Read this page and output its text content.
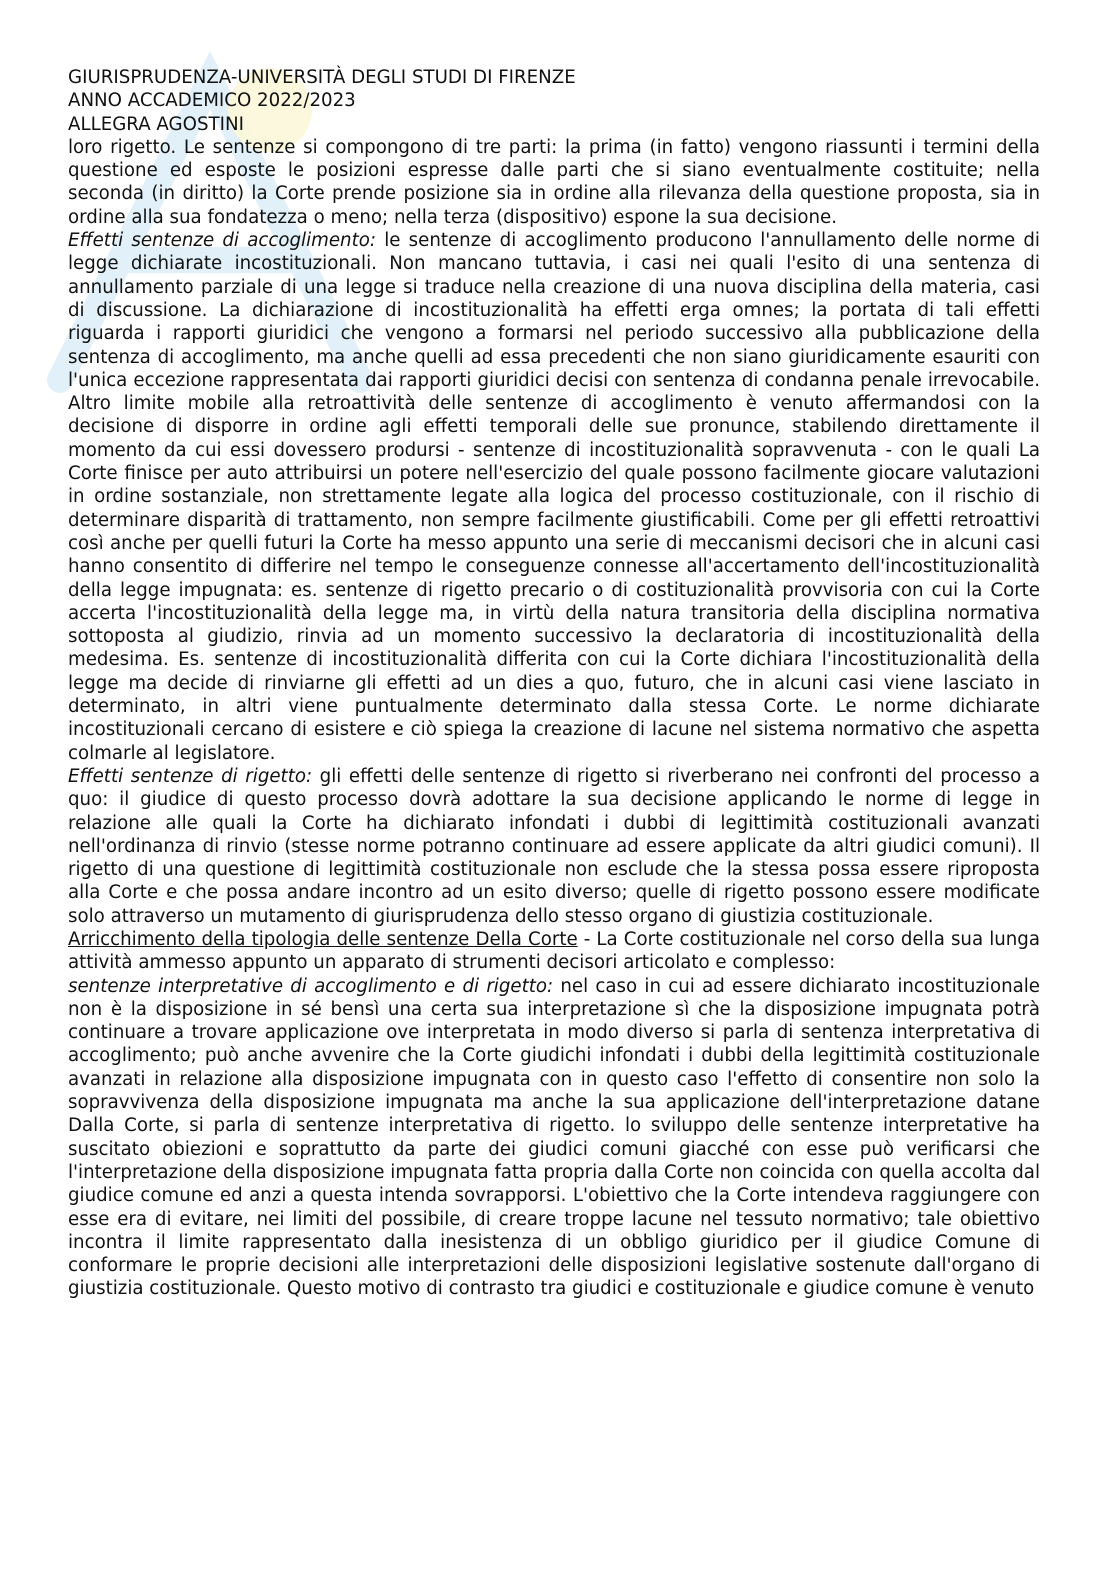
GIURISPRUDENZA-UNIVERSITÀ DEGLI STUDI DI FIRENZE
ANNO ACCADEMICO 2022/2023
ALLEGRA AGOSTINI

loro rigetto. Le sentenze si compongono di tre parti: la prima (in fatto) vengono riassunti i termini della questione ed esposte le posizioni espresse dalle parti che si siano eventualmente costituite; nella seconda (in diritto) la Corte prende posizione sia in ordine alla rilevanza della questione proposta, sia in ordine alla sua fondatezza o meno; nella terza (dispositivo) espone la sua decisione.

Effetti sentenze di accoglimento: le sentenze di accoglimento producono l'annullamento delle norme di legge dichiarate incostituzionali. Non mancano tuttavia, i casi nei quali l'esito di una sentenza di annullamento parziale di una legge si traduce nella creazione di una nuova disciplina della materia, casi di discussione. La dichiarazione di incostituzionalità ha effetti erga omnes; la portata di tali effetti riguarda i rapporti giuridici che vengono a formarsi nel periodo successivo alla pubblicazione della sentenza di accoglimento, ma anche quelli ad essa precedenti che non siano giuridicamente esauriti con l'unica eccezione rappresentata dai rapporti giuridici decisi con sentenza di condanna penale irrevocabile. Altro limite mobile alla retroattività delle sentenze di accoglimento è venuto affermandosi con la decisione di disporre in ordine agli effetti temporali delle sue pronunce, stabilendo direttamente il momento da cui essi dovessero prodursi - sentenze di incostituzionalità sopravvenuta - con le quali La Corte finisce per auto attribuirsi un potere nell'esercizio del quale possono facilmente giocare valutazioni in ordine sostanziale, non strettamente legate alla logica del processo costituzionale, con il rischio di determinare disparità di trattamento, non sempre facilmente giustificabili. Come per gli effetti retroattivi così anche per quelli futuri la Corte ha messo appunto una serie di meccanismi decisori che in alcuni casi hanno consentito di differire nel tempo le conseguenze connesse all'accertamento dell'incostituzionalità della legge impugnata: es. sentenze di rigetto precario o di costituzionalità provvisoria con cui la Corte accerta l'incostituzionalità della legge ma, in virtù della natura transitoria della disciplina normativa sottoposta al giudizio, rinvia ad un momento successivo la declaratoria di incostituzionalità della medesima. Es. sentenze di incostituzionalità differita con cui la Corte dichiara l'incostituzionalità della legge ma decide di rinviarne gli effetti ad un dies a quo, futuro, che in alcuni casi viene lasciato in determinato, in altri viene puntualmente determinato dalla stessa Corte. Le norme dichiarate incostituzionali cercano di esistere e ciò spiega la creazione di lacune nel sistema normativo che aspetta colmarle al legislatore.

Effetti sentenze di rigetto: gli effetti delle sentenze di rigetto si riverberano nei confronti del processo a quo: il giudice di questo processo dovrà adottare la sua decisione applicando le norme di legge in relazione alle quali la Corte ha dichiarato infondati i dubbi di legittimità costituzionali avanzati nell'ordinanza di rinvio (stesse norme potranno continuare ad essere applicate da altri giudici comuni). Il rigetto di una questione di legittimità costituzionale non esclude che la stessa possa essere riproposta alla Corte e che possa andare incontro ad un esito diverso; quelle di rigetto possono essere modificate solo attraverso un mutamento di giurisprudenza dello stesso organo di giustizia costituzionale.

Arricchimento della tipologia delle sentenze Della Corte - La Corte costituzionale nel corso della sua lunga attività ammesso appunto un apparato di strumenti decisori articolato e complesso:

sentenze interpretative di accoglimento e di rigetto: nel caso in cui ad essere dichiarato incostituzionale non è la disposizione in sé bensì una certa sua interpretazione sì che la disposizione impugnata potrà continuare a trovare applicazione ove interpretata in modo diverso si parla di sentenza interpretativa di accoglimento; può anche avvenire che la Corte giudichi infondati i dubbi della legittimità costituzionale avanzati in relazione alla disposizione impugnata con in questo caso l'effetto di consentire non solo la sopravvivenza della disposizione impugnata ma anche la sua applicazione dell'interpretazione datane Dalla Corte, si parla di sentenze interpretativa di rigetto. lo sviluppo delle sentenze interpretative ha suscitato obiezioni e soprattutto da parte dei giudici comuni giacché con esse può verificarsi che l'interpretazione della disposizione impugnata fatta propria dalla Corte non coincida con quella accolta dal giudice comune ed anzi a questa intenda sovrapporsi. L'obiettivo che la Corte intendeva raggiungere con esse era di evitare, nei limiti del possibile, di creare troppe lacune nel tessuto normativo; tale obiettivo incontra il limite rappresentato dalla inesistenza di un obbligo giuridico per il giudice Comune di conformare le proprie decisioni alle interpretazioni delle disposizioni legislative sostenute dall'organo di giustizia costituzionale. Questo motivo di contrasto tra giudici e costituzionale e giudice comune è venuto
